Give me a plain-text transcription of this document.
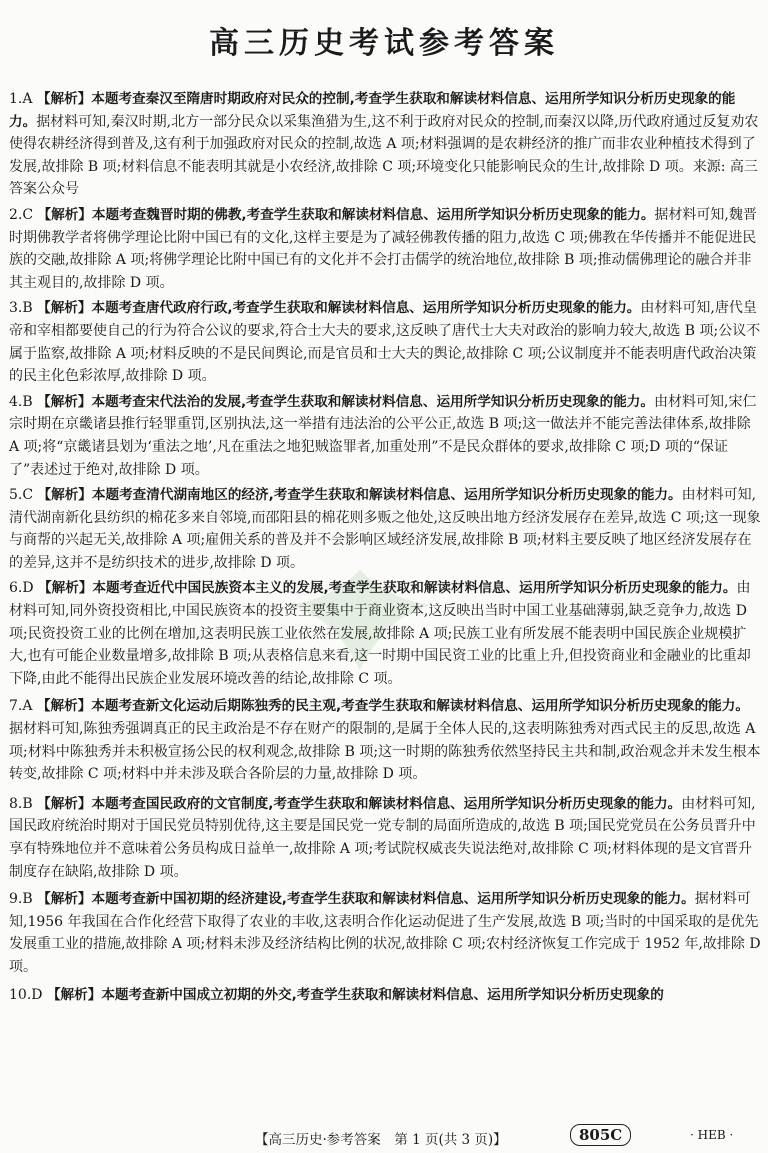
高三历史考试参考答案
1.A 【解析】本题考查秦汉至隋唐时期政府对民众的控制,考查学生获取和解读材料信息、运用所学知识分析历史现象的能力。据材料可知,秦汉时期,北方一部分民众以采集渔猎为生,这不利于政府对民众的控制,而秦汉以降,历代政府通过反复劝农使得农耕经济得到普及,这有利于加强政府对民众的控制,故选 A 项;材料强调的是农耕经济的推广而非农业种植技术得到了发展,故排除 B 项;材料信息不能表明其就是小农经济,故排除 C 项;环境变化只能影响民众的生计,故排除 D 项。来源: 高三答案公众号
2.C 【解析】本题考查魏晋时期的佛教,考查学生获取和解读材料信息、运用所学知识分析历史现象的能力。据材料可知,魏晋时期佛教学者将佛学理论比附中国已有的文化,这样主要是为了减轻佛教传播的阻力,故选 C 项;佛教在华传播并不能促进民族的交融,故排除 A 项;将佛学理论比附中国已有的文化并不会打击儒学的统治地位,故排除 B 项;推动儒佛理论的融合并非其主观目的,故排除 D 项。
3.B 【解析】本题考查唐代政府行政,考查学生获取和解读材料信息、运用所学知识分析历史现象的能力。由材料可知,唐代皇帝和宰相都要使自己的行为符合公议的要求,符合士大夫的要求,这反映了唐代士大夫对政治的影响力较大,故选 B 项;公议不属于监察,故排除 A 项;材料反映的不是民间舆论,而是官员和士大夫的舆论,故排除 C 项;公议制度并不能表明唐代政治决策的民主化色彩浓厚,故排除 D 项。
4.B 【解析】本题考查宋代法治的发展,考查学生获取和解读材料信息、运用所学知识分析历史现象的能力。由材料可知,宋仁宗时期在京畿诸县推行轻罪重罚,区别执法,这一举措有违法治的公平公正,故选 B 项;这一做法并不能完善法律体系,故排除 A 项;将“京畿诸县划为‘重法之地’,凡在重法之地犯贼盗罪者,加重处刑”不是民众群体的要求,故排除 C 项;D 项的“保证了”表述过于绝对,故排除 D 项。
5.C 【解析】本题考查清代湖南地区的经济,考查学生获取和解读材料信息、运用所学知识分析历史现象的能力。由材料可知,清代湖南新化县纺织的棉花多来自邻境,而邵阳县的棉花则多贩之他处,这反映出地方经济发展存在差异,故选 C 项;这一现象与商帮的兴起无关,故排除 A 项;雇佣关系的普及并不会影响区域经济发展,故排除 B 项;材料主要反映了地区经济发展存在的差异,这并不是纺织技术的进步,故排除 D 项。
6.D 【解析】本题考查近代中国民族资本主义的发展,考查学生获取和解读材料信息、运用所学知识分析历史现象的能力。由材料可知,同外资投资相比,中国民族资本的投资主要集中于商业资本,这反映出当时中国工业基础薄弱,缺乏竞争力,故选 D 项;民资投资工业的比例在增加,这表明民族工业依然在发展,故排除 A 项;民族工业有所发展不能表明中国民族企业规模扩大,也有可能企业数量增多,故排除 B 项;从表格信息来看,这一时期中国民资工业的比重上升,但投资商业和金融业的比重却下降,由此不能得出民族企业发展环境改善的结论,故排除 C 项。
7.A 【解析】本题考查新文化运动后期陈独秀的民主观,考查学生获取和解读材料信息、运用所学知识分析历史现象的能力。据材料可知,陈独秀强调真正的民主政治是不存在财产的限制的,是属于全体人民的,这表明陈独秀对西式民主的反思,故选 A 项;材料中陈独秀并未积极宣扬公民的权利观念,故排除 B 项;这一时期的陈独秀依然坚持民主共和制,政治观念并未发生根本转变,故排除 C 项;材料中并未涉及联合各阶层的力量,故排除 D 项。
8.B 【解析】本题考查国民政府的文官制度,考查学生获取和解读材料信息、运用所学知识分析历史现象的能力。由材料可知,国民政府统治时期对于国民党员特别优待,这主要是国民党一党专制的局面所造成的,故选 B 项;国民党党员在公务员晋升中享有特殊地位并不意味着公务员构成日益单一,故排除 A 项;考试院权威丧失说法绝对,故排除 C 项;材料体现的是文官晋升制度存在缺陷,故排除 D 项。
9.B 【解析】本题考查新中国初期的经济建设,考查学生获取和解读材料信息、运用所学知识分析历史现象的能力。据材料可知,1956 年我国在合作化经营下取得了农业的丰收,这表明合作化运动促进了生产发展,故选 B 项;当时的中国采取的是优先发展重工业的措施,故排除 A 项;材料未涉及经济结构比例的状况,故排除 C 项;农村经济恢复工作完成于 1952 年,故排除 D 项。
10.D 【解析】本题考查新中国成立初期的外交,考查学生获取和解读材料信息、运用所学知识分析历史现象的
【高三历史·参考答案　第 1 页(共 3 页)】	805C	· HEB ·
